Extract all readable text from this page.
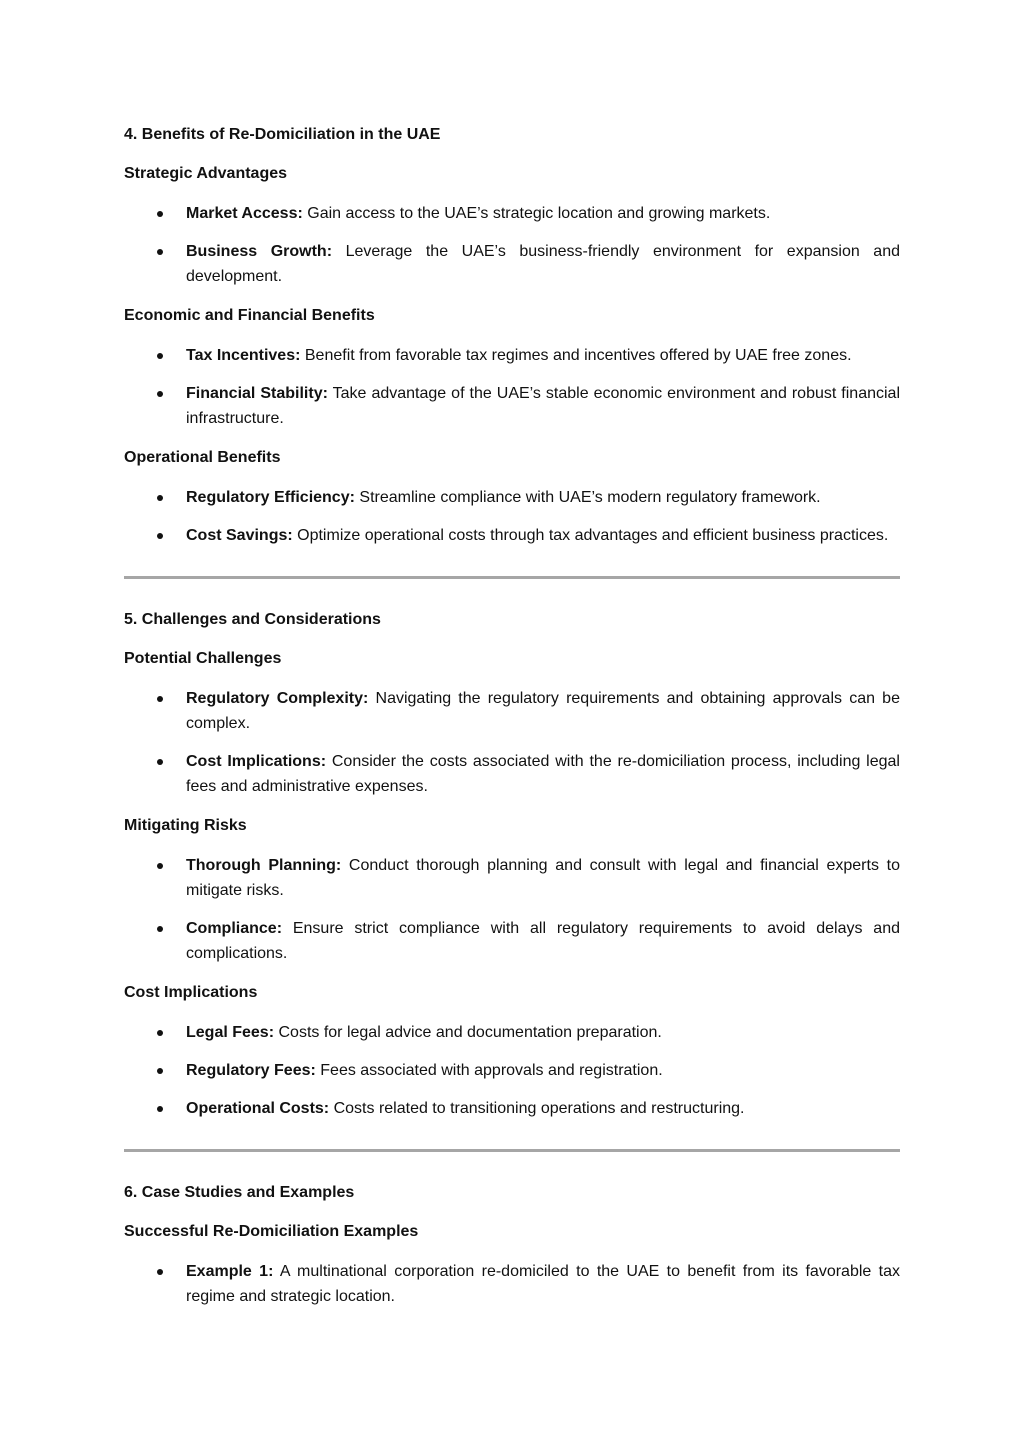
4. Benefits of Re-Domiciliation in the UAE
Strategic Advantages
Market Access: Gain access to the UAE’s strategic location and growing markets.
Business Growth: Leverage the UAE’s business-friendly environment for expansion and development.
Economic and Financial Benefits
Tax Incentives: Benefit from favorable tax regimes and incentives offered by UAE free zones.
Financial Stability: Take advantage of the UAE’s stable economic environment and robust financial infrastructure.
Operational Benefits
Regulatory Efficiency: Streamline compliance with UAE’s modern regulatory framework.
Cost Savings: Optimize operational costs through tax advantages and efficient business practices.
5. Challenges and Considerations
Potential Challenges
Regulatory Complexity: Navigating the regulatory requirements and obtaining approvals can be complex.
Cost Implications: Consider the costs associated with the re-domiciliation process, including legal fees and administrative expenses.
Mitigating Risks
Thorough Planning: Conduct thorough planning and consult with legal and financial experts to mitigate risks.
Compliance: Ensure strict compliance with all regulatory requirements to avoid delays and complications.
Cost Implications
Legal Fees: Costs for legal advice and documentation preparation.
Regulatory Fees: Fees associated with approvals and registration.
Operational Costs: Costs related to transitioning operations and restructuring.
6. Case Studies and Examples
Successful Re-Domiciliation Examples
Example 1: A multinational corporation re-domiciled to the UAE to benefit from its favorable tax regime and strategic location.
